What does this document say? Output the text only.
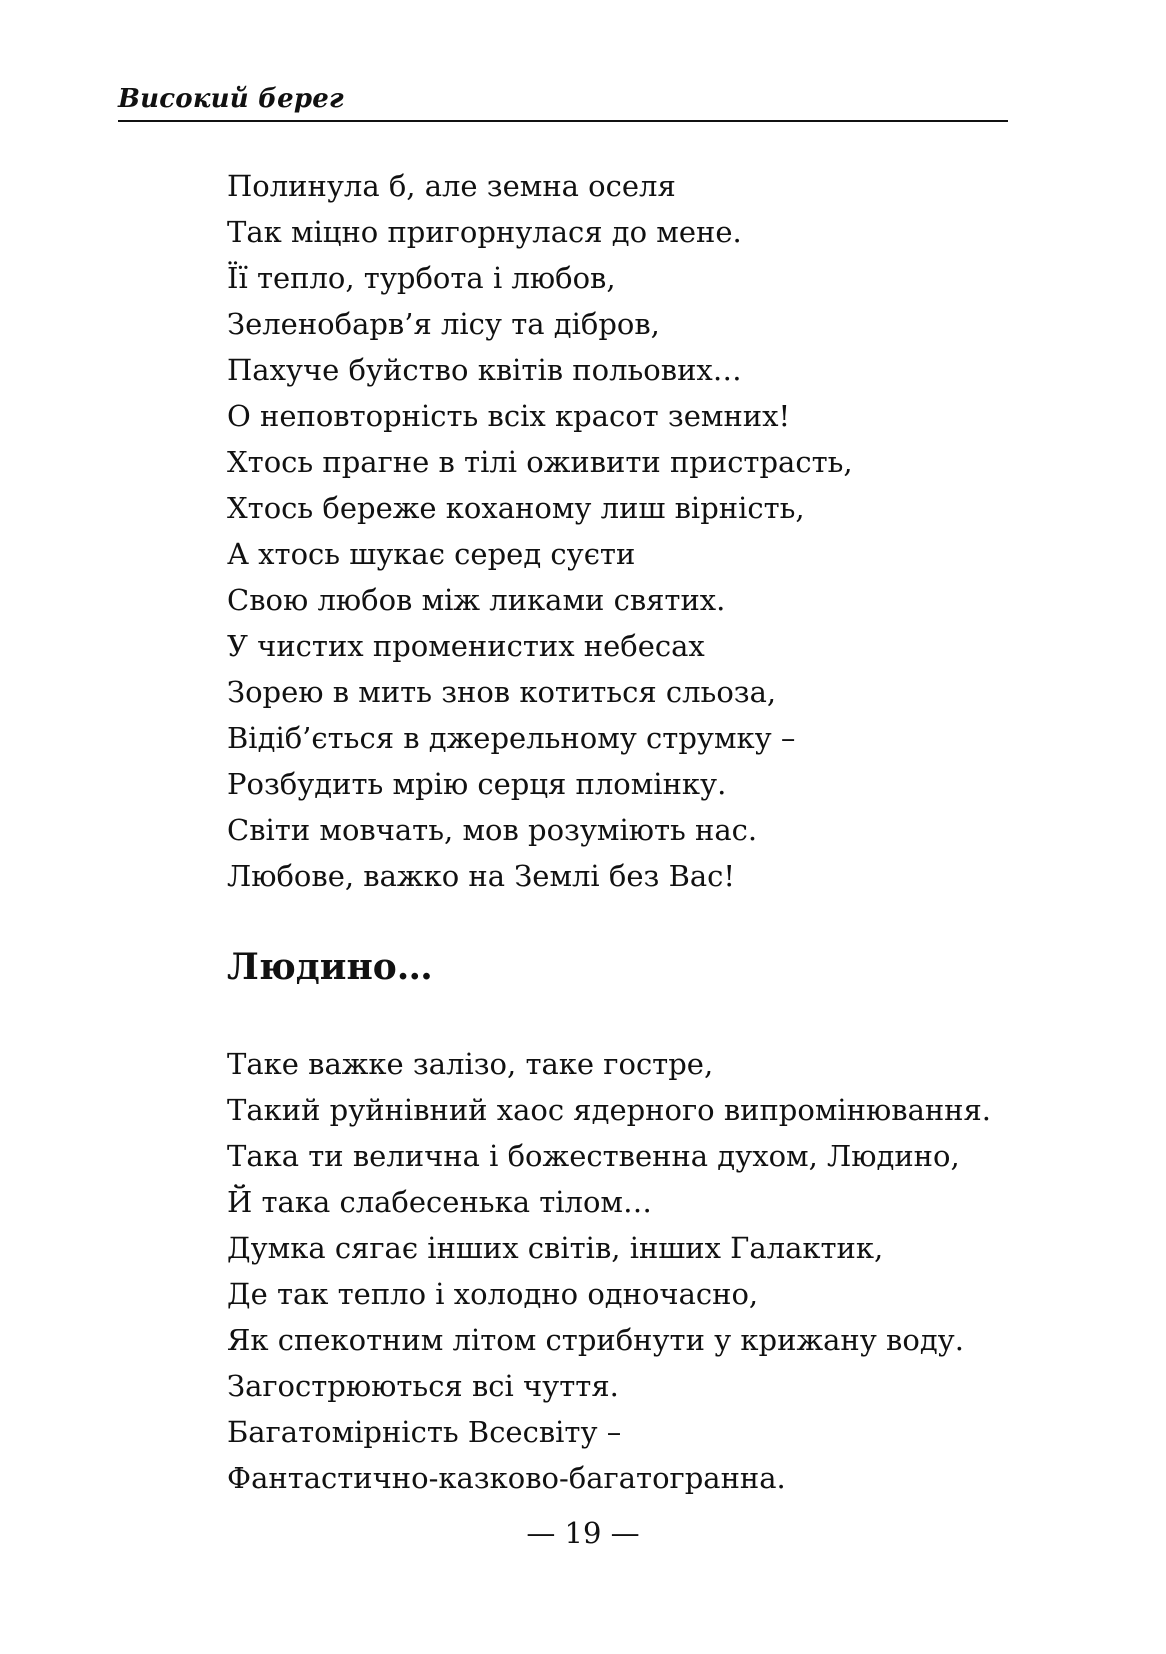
Високий берег
Полинула б, але земна оселя
Так міцно пригорнулася до мене.
Її тепло, турбота і любов,
Зеленобарв’я лісу та дібров,
Пахуче буйство квітів польових…
О неповторність всіх красот земних!
Хтось прагне в тілі оживити пристрасть,
Хтось береже коханому лиш вірність,
А хтось шукає серед суєти
Свою любов між ликами святих.
У чистих променистих небесах
Зорею в мить знов котиться сльоза,
Відіб’ється в джерельному струмку –
Розбудить мрію серця пломінку.
Світи мовчать, мов розуміють нас.
Любове, важко на Землі без Вас!
Людино…
Таке важке залізо, таке гостре,
Такий руйнівний хаос ядерного випромінювання.
Така ти велична і божественна духом, Людино,
Й така слабесенька тілом…
Думка сягає інших світів, інших Галактик,
Де так тепло і холодно одночасно,
Як спекотним літом стрибнути у крижану воду.
Загострюються всі чуття.
Багатомірність Всесвіту –
Фантастично-казково-багатогранна.
— 19 —
